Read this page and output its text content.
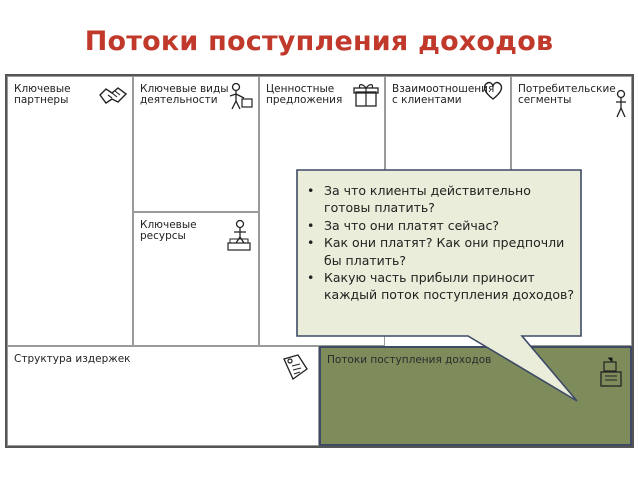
Потоки поступления доходов
Ключевые
партнеры
Ключевые виды
деятельности
Ключевые
ресурсы
Ценностные
предложения
Взаимоотношения
с клиентами
Потребительские
сегменты
Структура издержек	Потоки поступления доходов
• За что клиенты действительно готовы платить?
• За что они платят сейчас?
• Как они платят? Как они предпочли бы платить?
• Какую часть прибыли приносит каждый поток поступления доходов?
